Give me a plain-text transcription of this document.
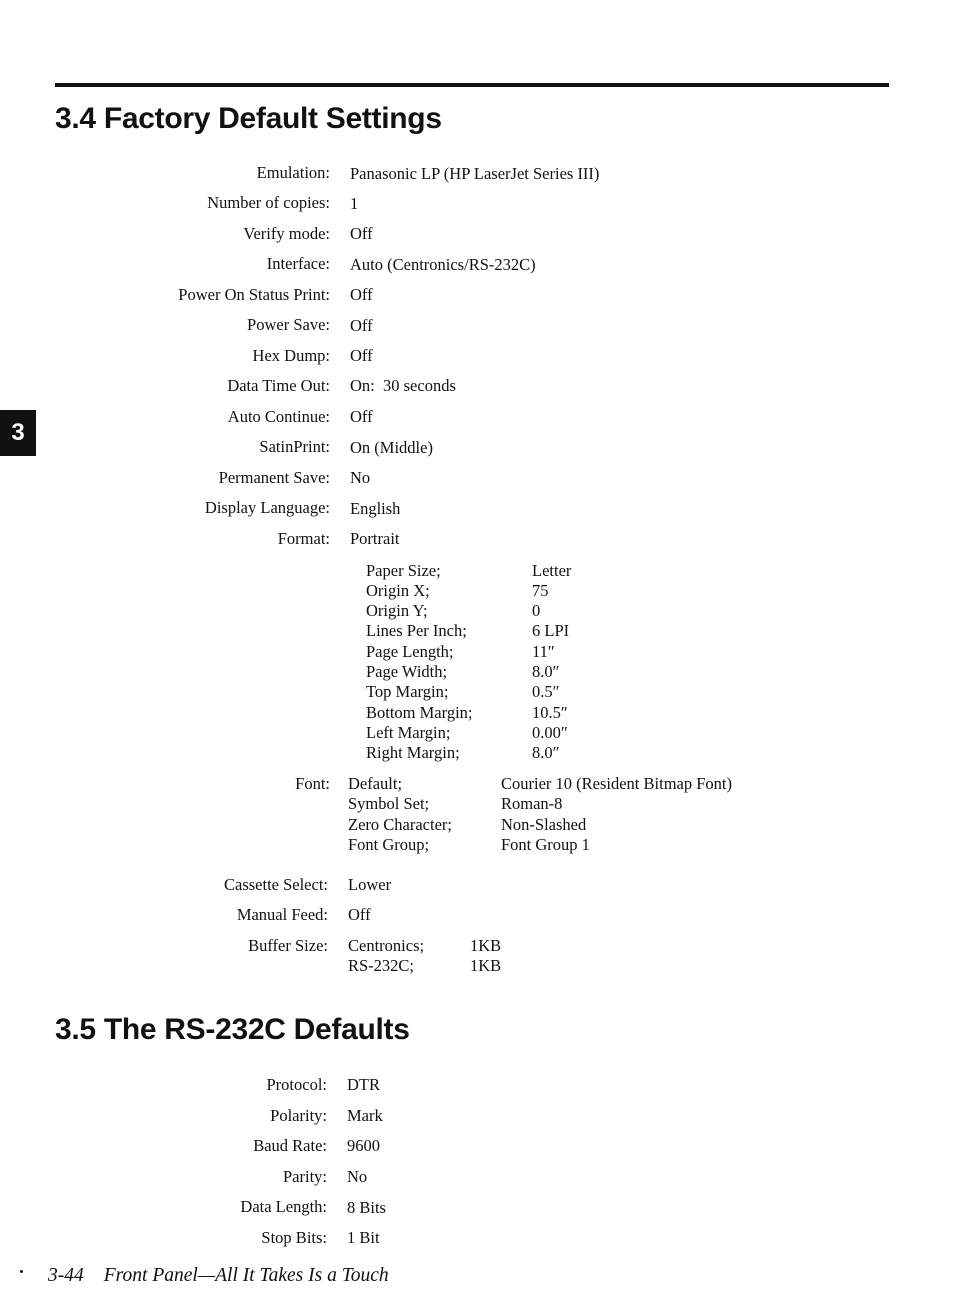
3.4 Factory Default Settings
3
Emulation: Panasonic LP (HP LaserJet Series III)
Number of copies: 1
Verify mode: Off
Interface: Auto (Centronics/RS-232C)
Power On Status Print: Off
Power Save: Off
Hex Dump: Off
Data Time Out: On:  30 seconds
Auto Continue: Off
SatinPrint: On (Middle)
Permanent Save: No
Display Language: English
Format: Portrait
Paper Size;	Letter
Origin X;	75
Origin Y;	0
Lines Per Inch;	6 LPI
Page Length;	11″
Page Width;	8.0″
Top Margin;	0.5″
Bottom Margin;	10.5″
Left Margin;	0.00″
Right Margin;	8.0″
Font: Default;	Courier 10 (Resident Bitmap Font)
Symbol Set;	Roman-8
Zero Character;	Non-Slashed
Font Group;	Font Group 1
Cassette Select: Lower
Manual Feed: Off
Buffer Size: Centronics;	1KB
RS-232C;	1KB
3.5 The RS-232C Defaults
Protocol: DTR
Polarity: Mark
Baud Rate: 9600
Parity: No
Data Length: 8 Bits
Stop Bits: 1 Bit
3-44 Front Panel—All It Takes Is a Touch
